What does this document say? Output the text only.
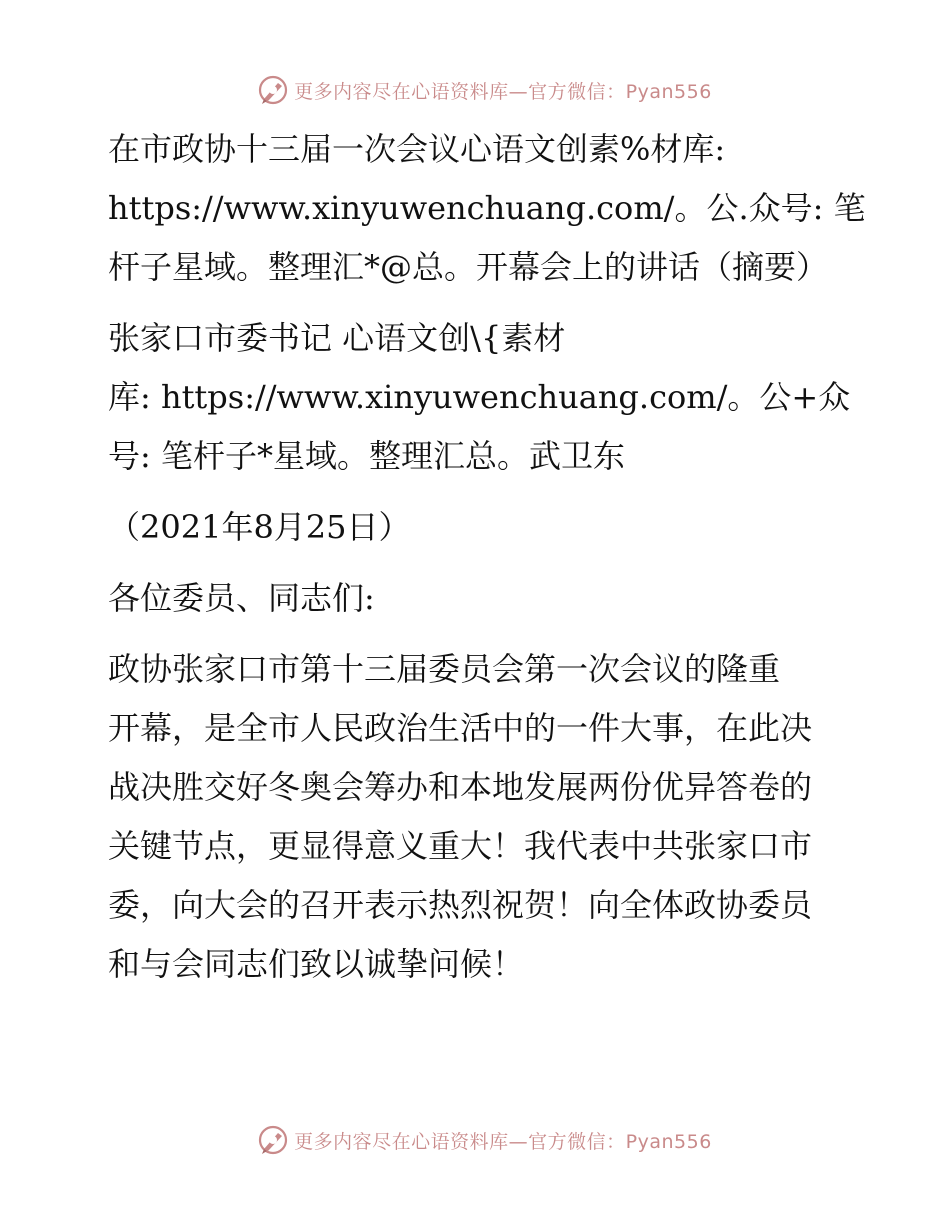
更多内容尽在心语资料库—官方微信：Pyan556

在市政协十三届一次会议心语文创素%材库:
https://www.xinyuwenchuang.com/。公.众号: 笔
杆子星域。整理汇*@总。开幕会上的讲话（摘要）

张家口市委书记 心语文创\{素材
库: https://www.xinyuwenchuang.com/。公+众
号: 笔杆子*星域。整理汇总。武卫东

（2021年8月25日）

各位委员、同志们:

政协张家口市第十三届委员会第一次会议的隆重
开幕，是全市人民政治生活中的一件大事，在此决
战决胜交好冬奥会筹办和本地发展两份优异答卷的
关键节点，更显得意义重大！我代表中共张家口市
委，向大会的召开表示热烈祝贺！向全体政协委员
和与会同志们致以诚挚问候！

更多内容尽在心语资料库—官方微信：Pyan556
